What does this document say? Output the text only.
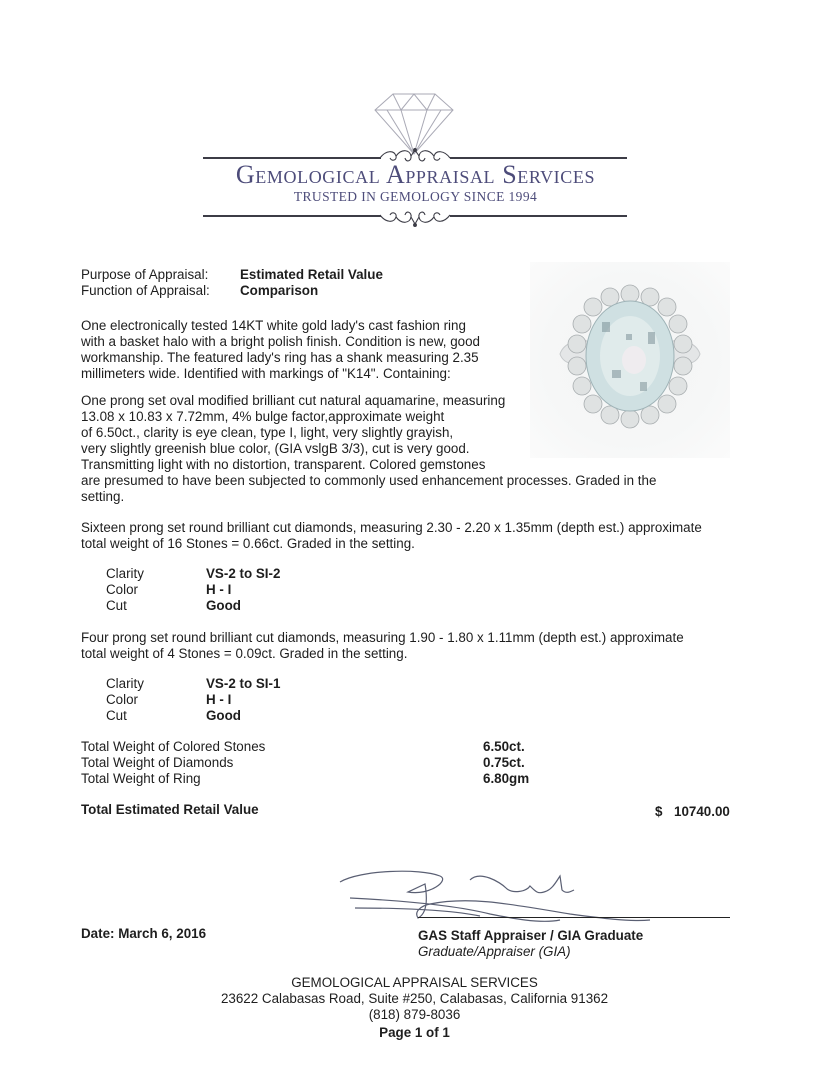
Gemological Appraisal Services
TRUSTED IN GEMOLOGY SINCE 1994
Purpose of Appraisal: Estimated Retail Value
Function of Appraisal: Comparison
One electronically tested 14KT white gold lady's cast fashion ring
with a basket halo with a bright polish finish. Condition is new, good
workmanship. The featured lady's ring has a shank measuring 2.35
millimeters wide. Identified with markings of "K14". Containing:
One prong set oval modified brilliant cut natural aquamarine, measuring
13.08 x 10.83 x 7.72mm, 4% bulge factor,approximate weight
of 6.50ct., clarity is eye clean, type I, light, very slightly grayish,
very slightly greenish blue color, (GIA vslgB 3/3), cut is very good.
Transmitting light with no distortion, transparent. Colored gemstones
are presumed to have been subjected to commonly used enhancement processes. Graded in the
setting.
Sixteen prong set round brilliant cut diamonds, measuring 2.30 - 2.20 x 1.35mm (depth est.) approximate
total weight of 16 Stones = 0.66ct. Graded in the setting.
Clarity	VS-2 to SI-2
Color	H - I
Cut	Good
Four prong set round brilliant cut diamonds, measuring 1.90 - 1.80 x 1.11mm (depth est.) approximate
total weight of 4 Stones = 0.09ct. Graded in the setting.
Clarity	VS-2 to SI-1
Color	H - I
Cut	Good
Total Weight of Colored Stones	6.50ct.
Total Weight of Diamonds	0.75ct.
Total Weight of Ring	6.80gm
Total Estimated Retail Value	$ 10740.00
Date: March 6, 2016	GAS Staff Appraiser / GIA Graduate
Graduate/Appraiser (GIA)
GEMOLOGICAL APPRAISAL SERVICES
23622 Calabasas Road, Suite #250, Calabasas, California 91362
(818) 879-8036
Page 1 of 1
